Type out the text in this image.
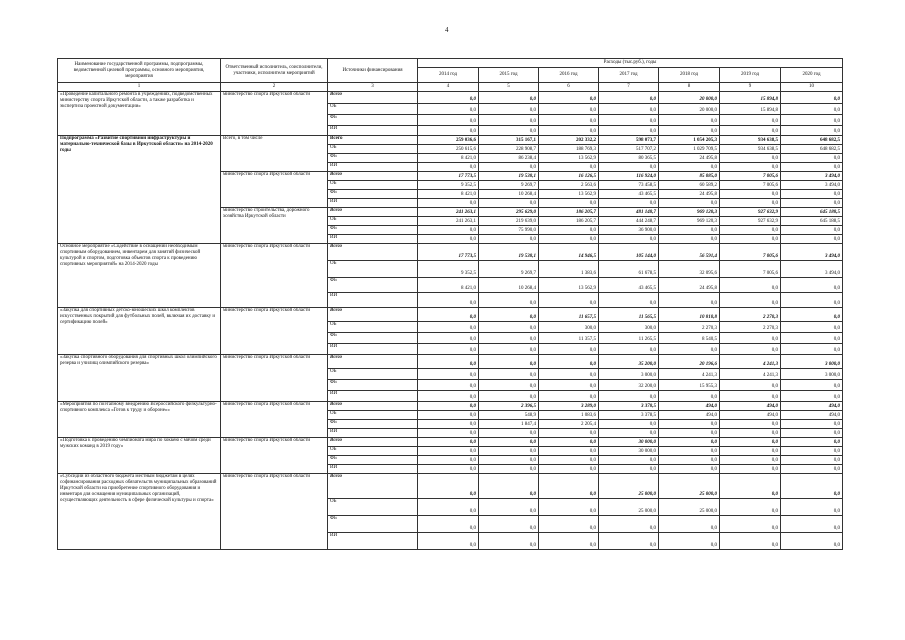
4
Наименование государственной программы, подпрограммы, ведомственной целевой программы, основного мероприятия, мероприятия	Ответственный исполнитель, соисполнители, участники, исполнители мероприятий	Источники финансирования	Расходы (тыс.руб.), годы						
			2014 год	2015 год	2016 год	2017 год	2018 год	2019 год	2020 год
1	2	3	4	5	6	7	8	9	10
«Проведение капитального ремонта в учреждениях, подведомственных министерству спорта Иркутской области, а также разработка и экспертиза проектной документации»	министерство спорта Иркутской области	Всего	0,0	0,0	0,0	0,0	20 000,0	15 894,8	0,0
		ОБ	0,0	0,0	0,0	0,0	20 000,0	15 894,8	0,0
		ФБ	0,0	0,0	0,0	0,0	0,0	0,0	0,0
		ИИ	0,0	0,0	0,0	0,0	0,0	0,0	0,0
Подпрограмма «Развитие спортивной инфраструктуры и материально-технической базы в Иркутской области» на 2014-2020 годы	Всего, в том числе	Всего	259 036,6	315 167,1	202 332,2	598 073,7	1 054 205,3	934 638,5	648 682,5
		ОБ	250 615,6	228 908,7	188 769,3	517 707,2	1 029 709,5	934 638,5	648 682,5
		ФБ	8 421,0	86 238,4	13 562,9	80 365,5	24 495,8	0,0	0,0
		ИИ	0,0	0,0	0,0	0,0	0,0	0,0	0,0
	министерство спорта Иркутской области	Всего	17 773,5	19 538,1	16 126,5	116 924,0	85 085,0	7 005,6	3 494,0
		ОБ	9 352,5	9 269,7	2 563,6	73 458,5	60 589,2	7 005,6	3 494,0
		ФБ	8 421,0	10 268,4	13 562,9	43 465,5	24 495,8	0,0	0,0
		ИИ	0,0	0,0	0,0	0,0	0,0	0,0	0,0
	министерство строительства, дорожного хозяйства Иркутской области	Всего	241 263,1	295 629,0	186 205,7	481 148,7	969 120,3	927 632,9	645 188,5
		ОБ	241 263,1	219 639,0	186 205,7	444 248,7	969 120,3	927 632,9	645 188,5
		ФБ	0,0	75 990,0	0,0	36 900,0	0,0	0,0	0,0
		ИИ	0,0	0,0	0,0	0,0	0,0	0,0	0,0
Основное мероприятие «Содействие в оснащении необходимым спортивным оборудованием, инвентарем для занятий физической культурой и спортом, подготовка объектов спорта к проведению спортивных мероприятий» на 2014-2020 годы	министерство спорта Иркутской области	Всего	17 773,5	19 538,1	14 946,5	105 144,0	56 591,4	7 005,6	3 494,0
		ОБ	9 352,5	9 269,7	1 383,6	61 678,5	32 095,6	7 005,6	3 494,0
		ФБ	8 421,0	10 268,4	13 562,9	43 465,5	24 495,8	0,0	0,0
		ИИ	0,0	0,0	0,0	0,0	0,0	0,0	0,0
«Закупка для спортивных детско-юношеских школ комплектов искусственных покрытий для футбольных полей, включая их доставку и сертификацию полей»	министерство спорта Иркутской области	Всего	0,0	0,0	11 657,5	11 565,5	10 810,8	2 270,3	0,0
		ОБ	0,0	0,0	300,0	300,0	2 270,3	2 270,3	0,0
		ФБ	0,0	0,0	11 357,5	11 265,5	8 540,5	0,0	0,0
		ИИ	0,0	0,0	0,0	0,0	0,0	0,0	0,0
«Закупка спортивного оборудования для спортивных школ олимпийского резерва и училищ олимпийского резерва»	министерство спорта Иркутской области	Всего	0,0	0,0	0,0	35 200,0	20 196,6	4 241,3	3 000,0
		ОБ	0,0	0,0	0,0	3 000,0	4 241,3	4 241,3	3 000,0
		ФБ	0,0	0,0	0,0	32 200,0	15 955,3	0,0	0,0
		ИИ	0,0	0,0	0,0	0,0	0,0	0,0	0,0
«Мероприятия по поэтапному внедрению Всероссийского физкультурно-спортивного комплекса «Готов к труду и обороне»»	министерство спорта Иркутской области	Всего	0,0	2 396,5	3 289,0	3 378,5	494,0	494,0	494,0
		ОБ	0,0	548,9	1 083,6	3 378,5	494,0	494,0	494,0
		ФБ	0,0	1 847,4	2 205,4	0,0	0,0	0,0	0,0
		ИИ	0,0	0,0	0,0	0,0	0,0	0,0	0,0
«Подготовка к проведению чемпионата мира по хоккею с мячом среди мужских команд в 2019 году»	министерство спорта Иркутской области	Всего	0,0	0,0	0,0	30 000,0	0,0	0,0	0,0
		ОБ	0,0	0,0	0,0	30 000,0	0,0	0,0	0,0
		ФБ	0,0	0,0	0,0	0,0	0,0	0,0	0,0
		ИИ	0,0	0,0	0,0	0,0	0,0	0,0	0,0
«Субсидии из областного бюджета местным бюджетам в целях софинансирования расходных обязательств муниципальных образований Иркутской области на приобретение спортивного оборудования и инвентаря для оснащения муниципальных организаций, осуществляющих деятельность в сфере физической культуры и спорта»	министерство спорта Иркутской области	Всего	0,0	0,0	0,0	25 000,0	25 000,0	0,0	0,0
		ОБ	0,0	0,0	0,0	25 000,0	25 000,0	0,0	0,0
		ФБ	0,0	0,0	0,0	0,0	0,0	0,0	0,0
		ИИ	0,0	0,0	0,0	0,0	0,0	0,0	0,0
